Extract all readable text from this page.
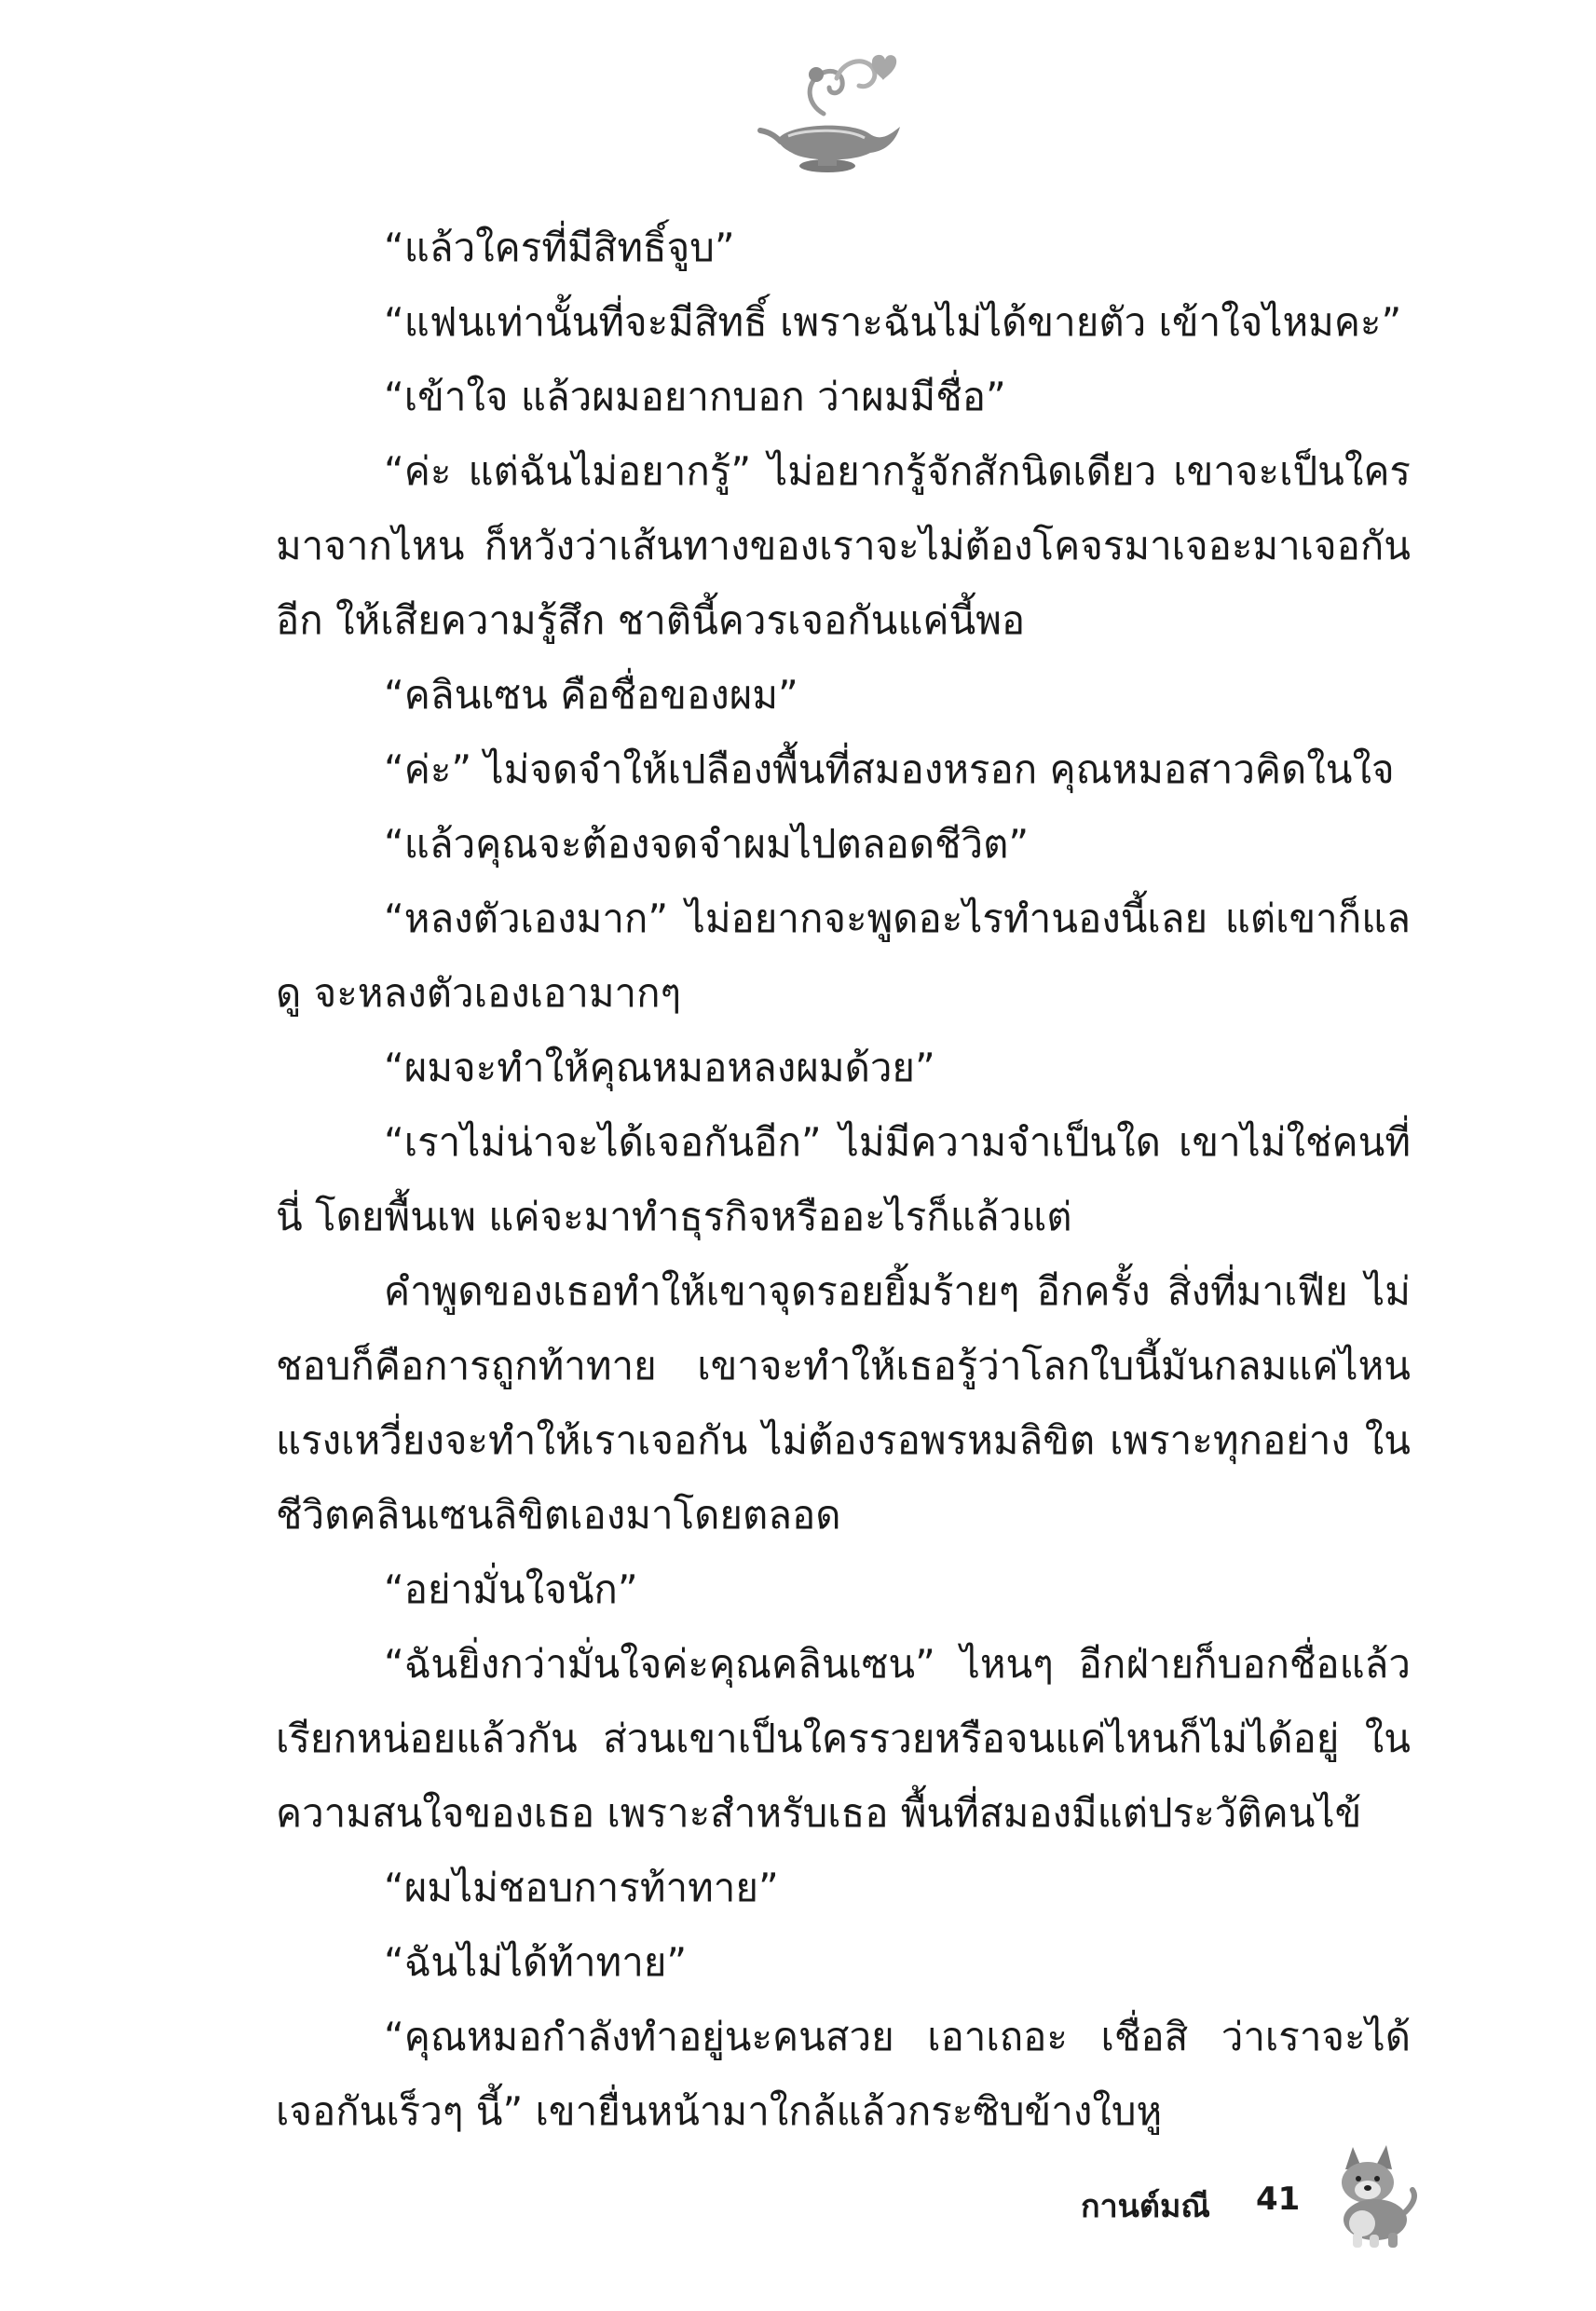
“แล้วใครที่มีสิทธิ์จูบ”

“แฟนเท่านั้นที่จะมีสิทธิ์ เพราะฉันไม่ได้ขายตัว เข้าใจไหมคะ”

“เข้าใจ แล้วผมอยากบอก ว่าผมมีชื่อ”

“ค่ะ แต่ฉันไม่อยากรู้” ไม่อยากรู้จักสักนิดเดียว เขาจะเป็นใคร มาจากไหน ก็หวังว่าเส้นทางของเราจะไม่ต้องโคจรมาเจอะมาเจอกันอีก ให้เสียความรู้สึก ชาตินี้ควรเจอกันแค่นี้พอ

“คลินเซน คือชื่อของผม”

“ค่ะ” ไม่จดจำให้เปลืองพื้นที่สมองหรอก คุณหมอสาวคิดในใจ

“แล้วคุณจะต้องจดจำผมไปตลอดชีวิต”

“หลงตัวเองมาก” ไม่อยากจะพูดอะไรทำนองนี้เลย แต่เขาก็แลดู จะหลงตัวเองเอามากๆ

“ผมจะทำให้คุณหมอหลงผมด้วย”

“เราไม่น่าจะได้เจอกันอีก” ไม่มีความจำเป็นใด เขาไม่ใช่คนที่นี่ โดยพื้นเพ แค่จะมาทำธุรกิจหรืออะไรก็แล้วแต่

คำพูดของเธอทำให้เขาจุดรอยยิ้มร้ายๆ อีกครั้ง สิ่งที่มาเฟีย ไม่ชอบก็คือการถูกท้าทาย เขาจะทำให้เธอรู้ว่าโลกใบนี้มันกลมแค่ไหน แรงเหวี่ยงจะทำให้เราเจอกัน ไม่ต้องรอพรหมลิขิต เพราะทุกอย่าง ในชีวิตคลินเซนลิขิตเองมาโดยตลอด

“อย่ามั่นใจนัก”

“ฉันยิ่งกว่ามั่นใจค่ะคุณคลินเซน” ไหนๆ อีกฝ่ายก็บอกชื่อแล้ว เรียกหน่อยแล้วกัน ส่วนเขาเป็นใครรวยหรือจนแค่ไหนก็ไม่ได้อยู่ ในความสนใจของเธอ เพราะสำหรับเธอ พื้นที่สมองมีแต่ประวัติคนไข้

“ผมไม่ชอบการท้าทาย”

“ฉันไม่ได้ท้าทาย”

“คุณหมอกำลังทำอยู่นะคนสวย เอาเถอะ เชื่อสิ ว่าเราจะได้ เจอกันเร็วๆ นี้” เขายื่นหน้ามาใกล้แล้วกระซิบข้างใบหู

กานต์มณี 41
